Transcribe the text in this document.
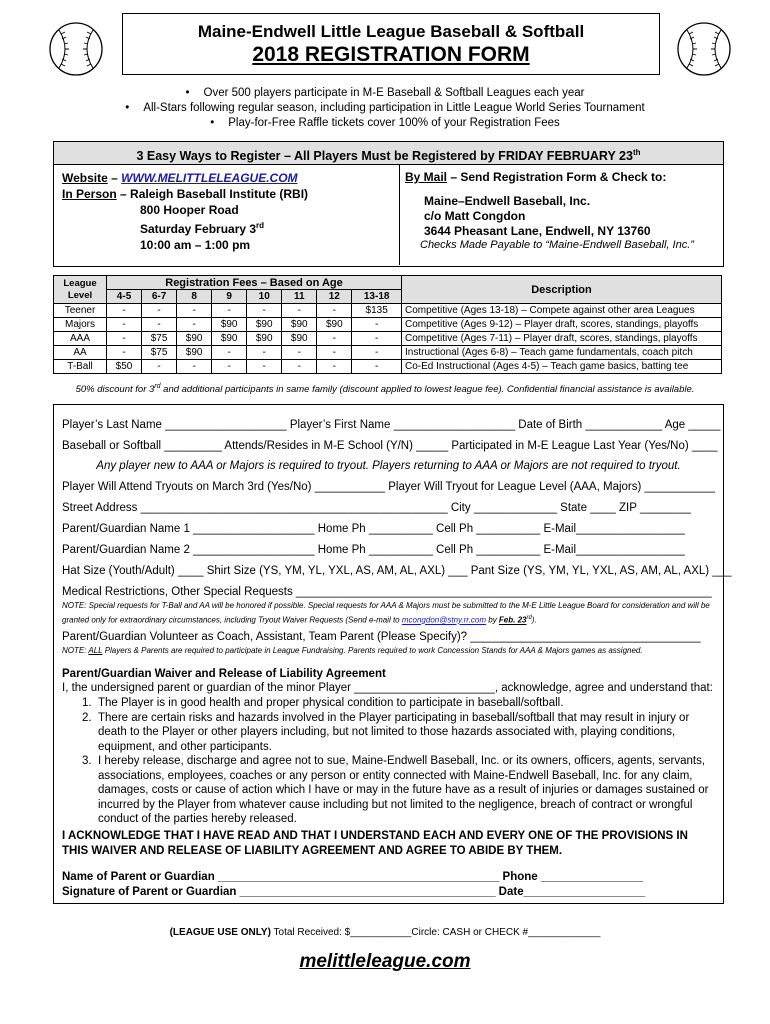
Maine-Endwell Little League Baseball & Softball
2018 REGISTRATION FORM
• Over 500 players participate in M-E Baseball & Softball Leagues each year
• All-Stars following regular season, including participation in Little League World Series Tournament
• Play-for-Free Raffle tickets cover 100% of your Registration Fees
3 Easy Ways to Register – All Players Must be Registered by FRIDAY FEBRUARY 23th
Website – WWW.MELITTLELEAGUE.COM
In Person – Raleigh Baseball Institute (RBI)
800 Hooper Road
Saturday February 3rd
10:00 am – 1:00 pm
By Mail – Send Registration Form & Check to:
Maine–Endwell Baseball, Inc.
c/o Matt Congdon
3644 Pheasant Lane, Endwell, NY 13760
Checks Made Payable to “Maine-Endwell Baseball, Inc.”
League
Level	Registration Fees – Based on Age								Description
	4-5	6-7	8	9	10	11	12	13-18	
Teener	-	-	-	-	-	-	-	$135	Competitive (Ages 13-18) – Compete against other area Leagues
Majors	-	-	-	$90	$90	$90	$90	-	Competitive (Ages 9-12) – Player draft, scores, standings, playoffs
AAA	-	$75	$90	$90	$90	$90	-	-	Competitive (Ages 7-11) – Player draft, scores, standings, playoffs
AA	-	$75	$90	-	-	-	-	-	Instructional (Ages 6-8) – Teach game fundamentals, coach pitch
T-Ball	$50	-	-	-	-	-	-	-	Co-Ed Instructional (Ages 4-5) – Teach game basics, batting tee
50% discount for 3rd and additional participants in same family (discount applied to lowest league fee). Confidential financial assistance is available.
Player’s Last Name ___________________ Player’s First Name ___________________ Date of Birth ____________ Age _____
Baseball or Softball _________ Attends/Resides in M-E School (Y/N) _____ Participated in M-E League Last Year (Yes/No) ____
Any player new to AAA or Majors is required to tryout. Players returning to AAA or Majors are not required to tryout.
Player Will Attend Tryouts on March 3rd (Yes/No) ___________ Player Will Tryout for League Level (AAA, Majors) ___________
Street Address ________________________________________________ City _____________ State ____ ZIP ________
Parent/Guardian Name 1 ___________________ Home Ph __________ Cell Ph __________ E-Mail_________________
Parent/Guardian Name 2 ___________________ Home Ph __________ Cell Ph __________ E-Mail_________________
Hat Size (Youth/Adult) ____ Shirt Size (YS, YM, YL, YXL, AS, AM, AL, AXL) ___ Pant Size (YS, YM, YL, YXL, AS, AM, AL, AXL) ___
Medical Restrictions, Other Special Requests _________________________________________________________________
NOTE: Special requests for T-Ball and AA will be honored if possible. Special requests for AAA & Majors must be submitted to the M-E Little League Board for consideration and will be granted only for extraordinary circumstances, including Tryout Waiver Requests (Send e-mail to mcongdon@stny.rr.com by Feb. 23rd).
Parent/Guardian Volunteer as Coach, Assistant, Team Parent (Please Specify)? ____________________________________
NOTE: ALL Players & Parents are required to participate in League Fundraising. Parents required to work Concession Stands for AAA & Majors games as assigned.
Parent/Guardian Waiver and Release of Liability Agreement
I, the undersigned parent or guardian of the minor Player ______________________, acknowledge, agree and understand that:
1. The Player is in good health and proper physical condition to participate in baseball/softball.
2. There are certain risks and hazards involved in the Player participating in baseball/softball that may result in injury or death to the Player or other players including, but not limited to those hazards associated with, playing conditions, equipment, and other participants.
3. I hereby release, discharge and agree not to sue, Maine-Endwell Baseball, Inc. or its owners, officers, agents, servants, associations, employees, coaches or any person or entity connected with Maine-Endwell Baseball, Inc. for any claim, damages, costs or cause of action which I have or may in the future have as a result of injuries or damages sustained or incurred by the Player from whatever cause including but not limited to the negligence, breach of contract or wrongful conduct of the parties hereby released.
I ACKNOWLEDGE THAT I HAVE READ AND THAT I UNDERSTAND EACH AND EVERY ONE OF THE PROVISIONS IN THIS WAIVER AND RELEASE OF LIABILITY AGREEMENT AND AGREE TO ABIDE BY THEM.
Name of Parent or Guardian ____________________________________________ Phone ________________
Signature of Parent or Guardian ________________________________________ Date___________________
(LEAGUE USE ONLY) Total Received: $___________Circle: CASH or CHECK #_____________
melittleleague.com
